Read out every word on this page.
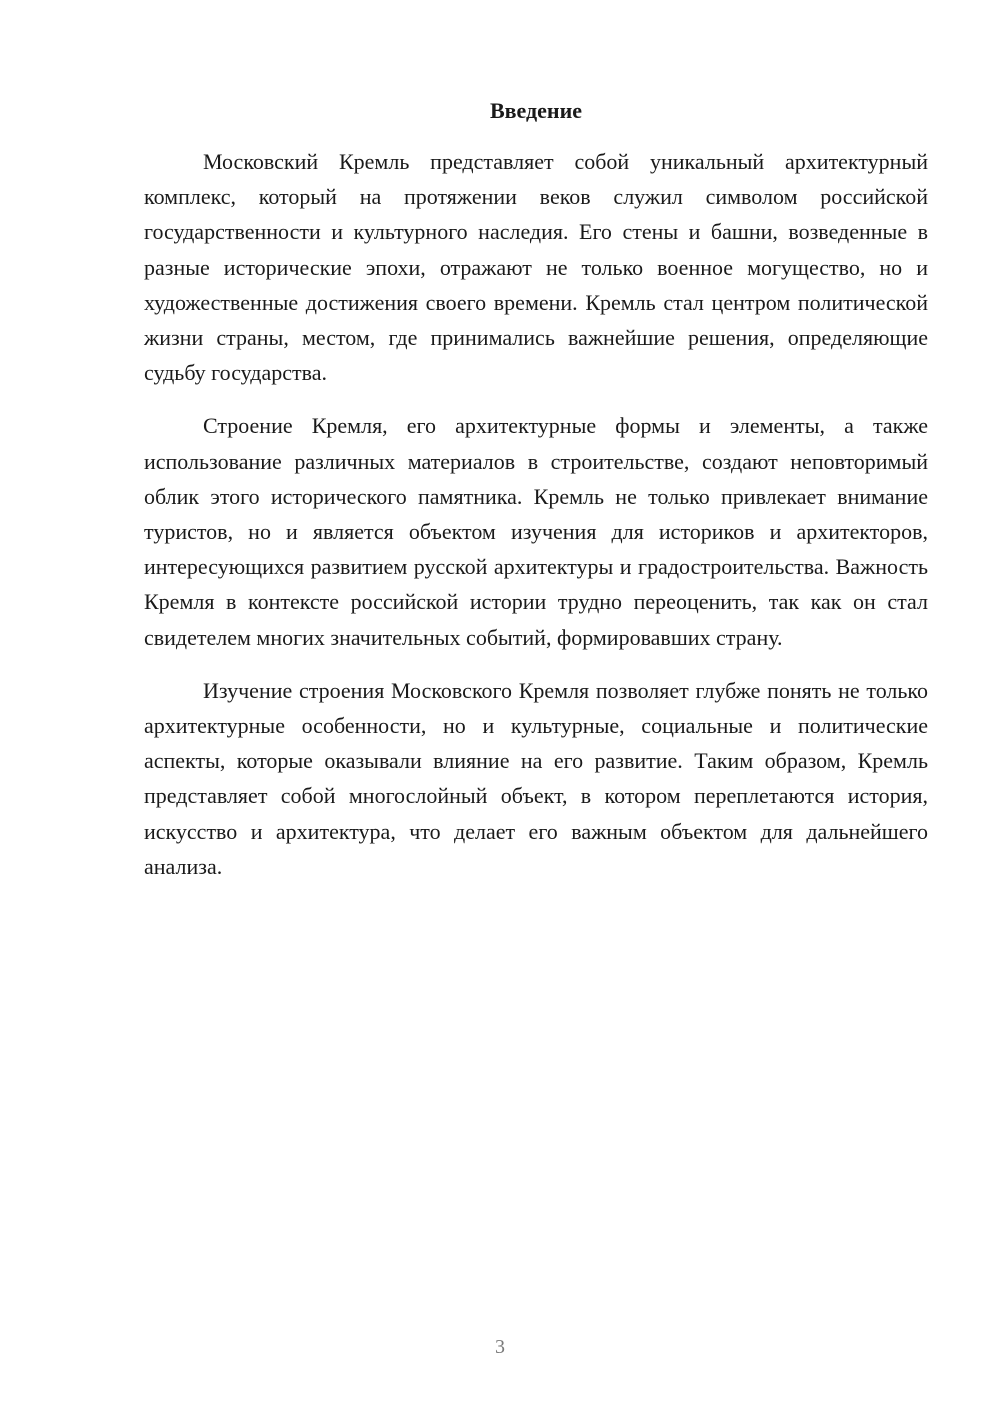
Введение

Московский Кремль представляет собой уникальный архитектурный комплекс, который на протяжении веков служил символом российской государственности и культурного наследия. Его стены и башни, возведенные в разные исторические эпохи, отражают не только военное могущество, но и художественные достижения своего времени. Кремль стал центром политической жизни страны, местом, где принимались важнейшие решения, определяющие судьбу государства.

Строение Кремля, его архитектурные формы и элементы, а также использование различных материалов в строительстве, создают неповторимый облик этого исторического памятника. Кремль не только привлекает внимание туристов, но и является объектом изучения для историков и архитекторов, интересующихся развитием русской архитектуры и градостроительства. Важность Кремля в контексте российской истории трудно переоценить, так как он стал свидетелем многих значительных событий, формировавших страну.

Изучение строения Московского Кремля позволяет глубже понять не только архитектурные особенности, но и культурные, социальные и политические аспекты, которые оказывали влияние на его развитие. Таким образом, Кремль представляет собой многослойный объект, в котором переплетаются история, искусство и архитектура, что делает его важным объектом для дальнейшего анализа.

3
